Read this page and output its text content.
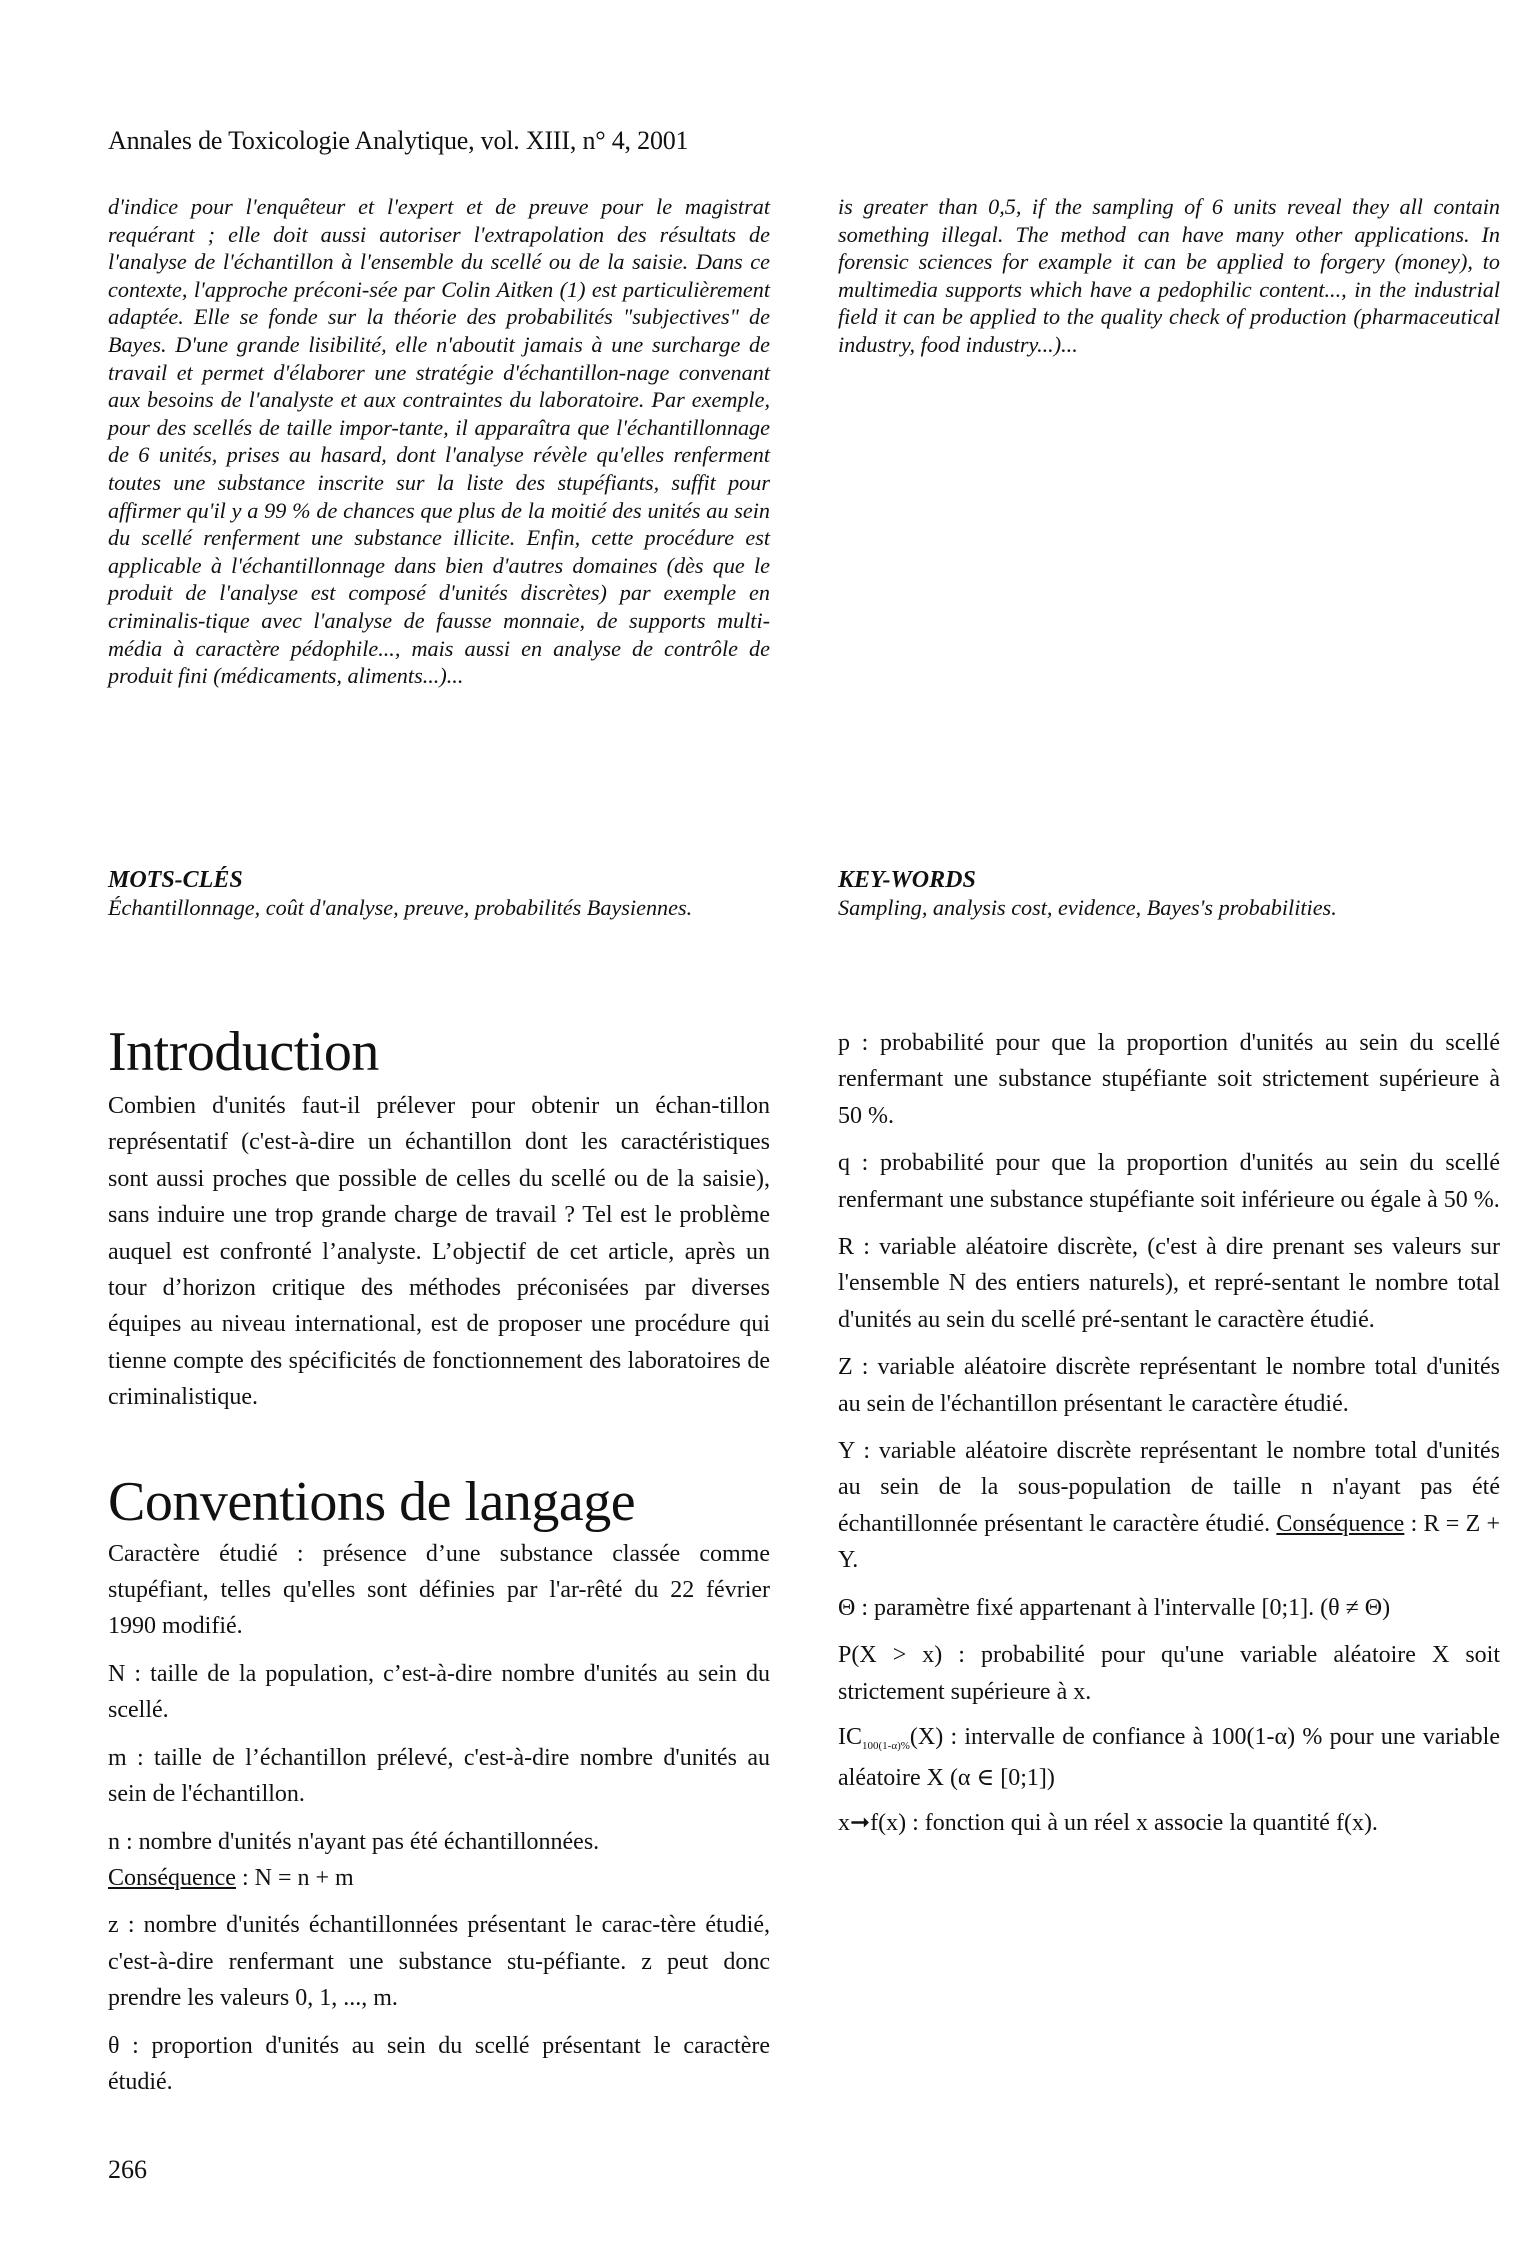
Annales de Toxicologie Analytique, vol. XIII, n° 4, 2001

d'indice pour l'enquêteur et l'expert et de preuve pour le magistrat requérant ; elle doit aussi autoriser l'extrapolation des résultats de l'analyse de l'échantillon à l'ensemble du scellé ou de la saisie. Dans ce contexte, l'approche préconi-sée par Colin Aitken (1) est particulièrement adaptée. Elle se fonde sur la théorie des probabilités "subjectives" de Bayes. D'une grande lisibilité, elle n'aboutit jamais à une surcharge de travail et permet d'élaborer une stratégie d'échantillon-nage convenant aux besoins de l'analyste et aux contraintes du laboratoire. Par exemple, pour des scellés de taille impor-tante, il apparaîtra que l'échantillonnage de 6 unités, prises au hasard, dont l'analyse révèle qu'elles renferment toutes une substance inscrite sur la liste des stupéfiants, suffit pour affirmer qu'il y a 99 % de chances que plus de la moitié des unités au sein du scellé renferment une substance illicite. Enfin, cette procédure est applicable à l'échantillonnage dans bien d'autres domaines (dès que le produit de l'analyse est composé d'unités discrètes) par exemple en criminalis-tique avec l'analyse de fausse monnaie, de supports multi-média à caractère pédophile..., mais aussi en analyse de contrôle de produit fini (médicaments, aliments...)...

is greater than 0,5, if the sampling of 6 units reveal they all contain something illegal. The method can have many other applications. In forensic sciences for example it can be applied to forgery (money), to multimedia supports which have a pedophilic content..., in the industrial field it can be applied to the quality check of production (pharmaceutical industry, food industry...)...

MOTS-CLÉS

Échantillonnage, coût d'analyse, preuve, probabilités Baysiennes.

KEY-WORDS

Sampling, analysis cost, evidence, Bayes's probabilities.

Introduction

Combien d'unités faut-il prélever pour obtenir un échan-tillon représentatif (c'est-à-dire un échantillon dont les caractéristiques sont aussi proches que possible de celles du scellé ou de la saisie), sans induire une trop grande charge de travail ? Tel est le problème auquel est confronté l’analyste. L’objectif de cet article, après un tour d’horizon critique des méthodes préconisées par diverses équipes au niveau international, est de proposer une procédure qui tienne compte des spécificités de fonctionnement des laboratoires de criminalistique.

Conventions de langage

Caractère étudié : présence d’une substance classée comme stupéfiant, telles qu'elles sont définies par l'ar-rêté du 22 février 1990 modifié.

N : taille de la population, c’est-à-dire nombre d'unités au sein du scellé.

m : taille de l’échantillon prélevé, c'est-à-dire nombre d'unités au sein de l'échantillon.

n : nombre d'unités n'ayant pas été échantillonnées.
Conséquence : N = n + m

z : nombre d'unités échantillonnées présentant le carac-tère étudié, c'est-à-dire renfermant une substance stu-péfiante. z peut donc prendre les valeurs 0, 1, ..., m.

θ : proportion d'unités au sein du scellé présentant le caractère étudié.

p : probabilité pour que la proportion d'unités au sein du scellé renfermant une substance stupéfiante soit strictement supérieure à 50 %.

q : probabilité pour que la proportion d'unités au sein du scellé renfermant une substance stupéfiante soit inférieure ou égale à 50 %.

R : variable aléatoire discrète, (c'est à dire prenant ses valeurs sur l'ensemble N des entiers naturels), et repré-sentant le nombre total d'unités au sein du scellé pré-sentant le caractère étudié.

Z : variable aléatoire discrète représentant le nombre total d'unités au sein de l'échantillon présentant le caractère étudié.

Y : variable aléatoire discrète représentant le nombre total d'unités au sein de la sous-population de taille n n'ayant pas été échantillonnée présentant le caractère étudié. Conséquence : R = Z + Y.

Θ : paramètre fixé appartenant à l'intervalle [0;1]. (θ ≠ Θ)

P(X > x) : probabilité pour qu'une variable aléatoire X soit strictement supérieure à x.

$IC_{100(1-\alpha)\%}(X)$ : intervalle de confiance à 100(1-α) % pour une variable aléatoire X (α ∈ [0;1])

x➞f(x) : fonction qui à un réel x associe la quantité f(x).

266
